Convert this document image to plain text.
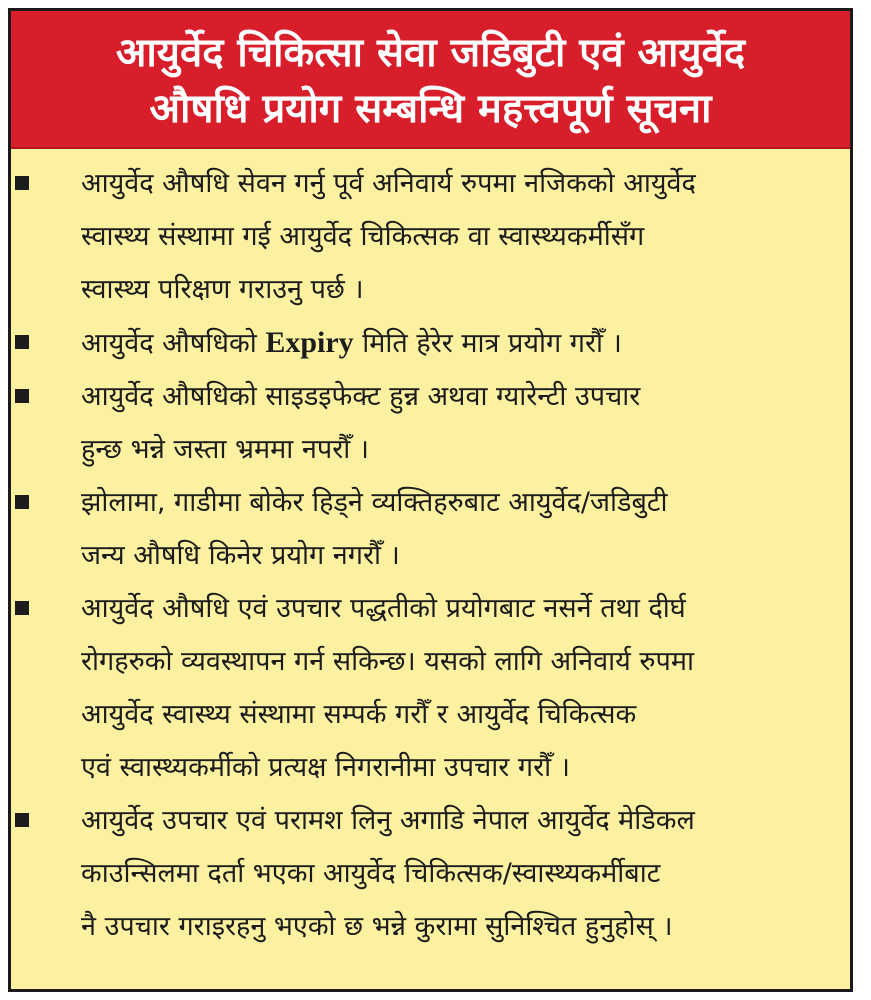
आयुर्वेद चिकित्सा सेवा जडिबुटी एवं आयुर्वेद
औषधि प्रयोग सम्बन्धि महत्त्वपूर्ण सूचना
आयुर्वेद औषधि सेवन गर्नु पूर्व अनिवार्य रुपमा नजिकको आयुर्वेद
स्वास्थ्य संस्थामा गई आयुर्वेद चिकित्सक वा स्वास्थ्यकर्मीसँग
स्वास्थ्य परिक्षण गराउनु पर्छ ।
आयुर्वेद औषधिको Expiry मिति हेरेर मात्र प्रयोग गरौँ ।
आयुर्वेद औषधिको साइडइफेक्ट हुन्न अथवा ग्यारेन्टी उपचार
हुन्छ भन्ने जस्ता भ्रममा नपरौँ ।
झोलामा, गाडीमा बोकेर हिड्ने व्यक्तिहरुबाट आयुर्वेद/जडिबुटी
जन्य औषधि किनेर प्रयोग नगरौँ ।
आयुर्वेद औषधि एवं उपचार पद्धतीको प्रयोगबाट नसर्ने तथा दीर्घ
रोगहरुको व्यवस्थापन गर्न सकिन्छ। यसको लागि अनिवार्य रुपमा
आयुर्वेद स्वास्थ्य संस्थामा सम्पर्क गरौँ र आयुर्वेद चिकित्सक
एवं स्वास्थ्यकर्मीको प्रत्यक्ष निगरानीमा उपचार गरौँ ।
आयुर्वेद उपचार एवं परामश लिनु अगाडि नेपाल आयुर्वेद मेडिकल
काउन्सिलमा दर्ता भएका आयुर्वेद चिकित्सक/स्वास्थ्यकर्मीबाट
नै उपचार गराइरहनु भएको छ भन्ने कुरामा सुनिश्चित हुनुहोस् ।
